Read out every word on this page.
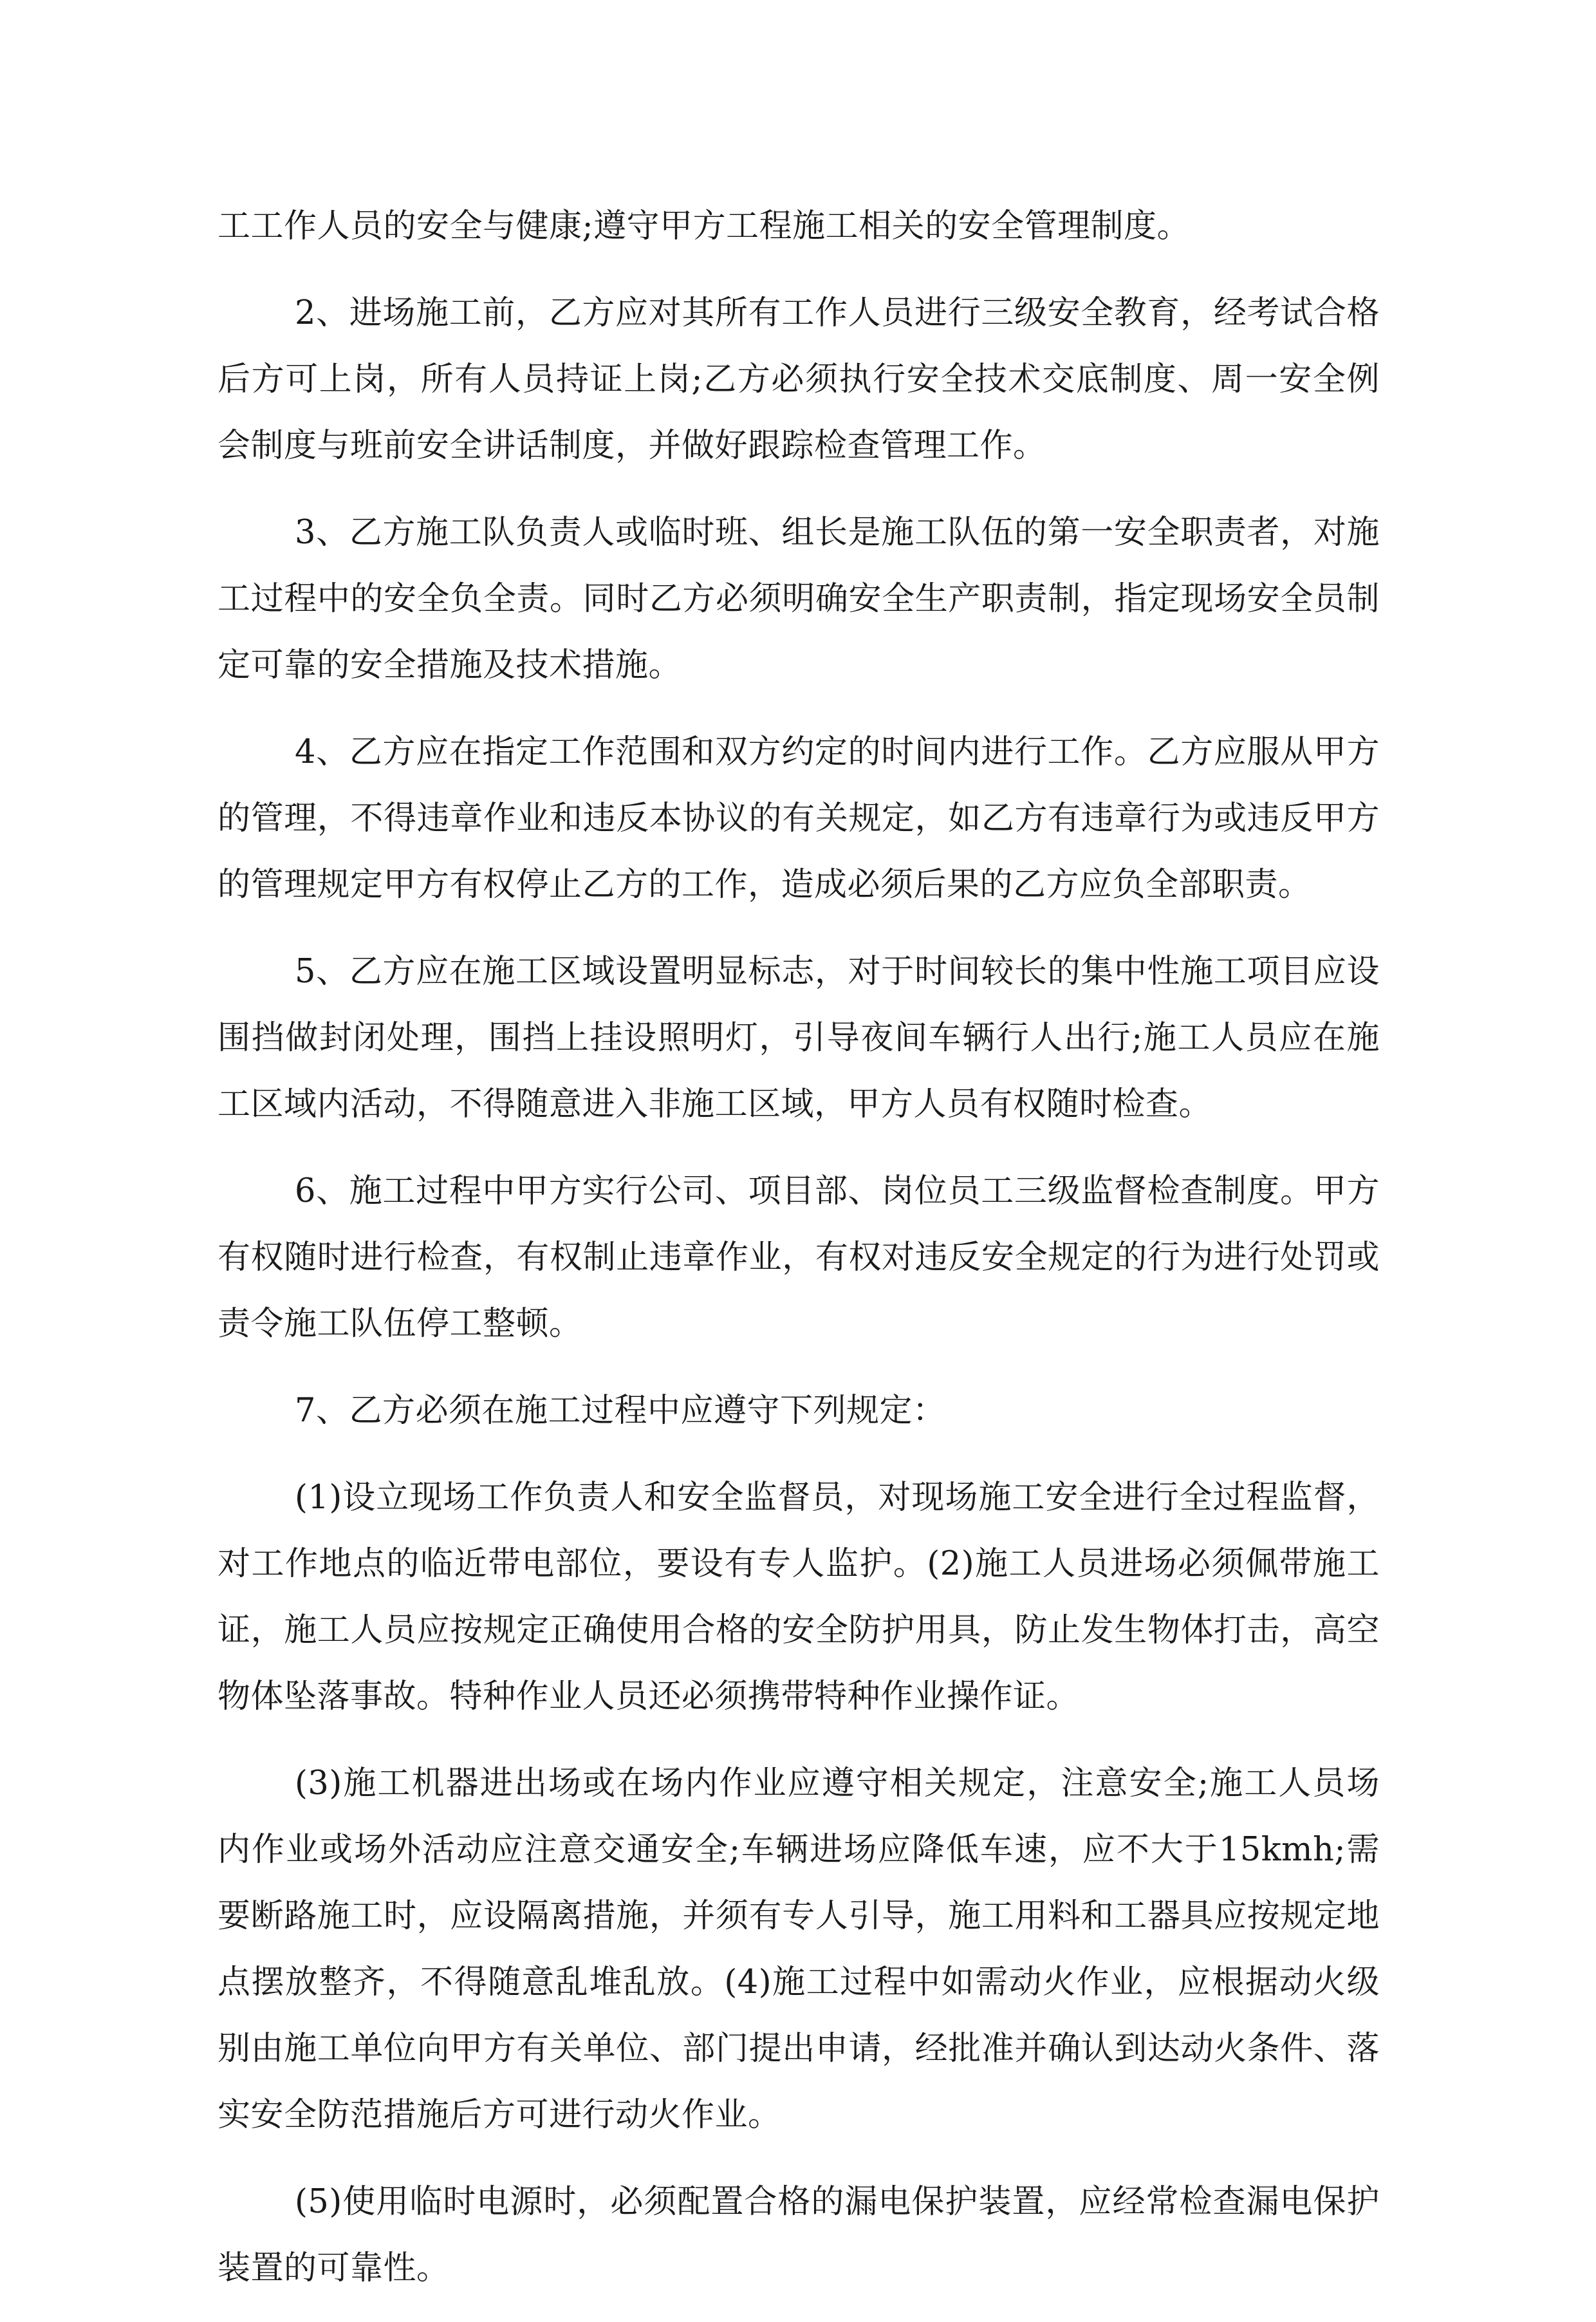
工工作人员的安全与健康;遵守甲方工程施工相关的安全管理制度。

2、进场施工前，乙方应对其所有工作人员进行三级安全教育，经考试合格后方可上岗，所有人员持证上岗;乙方必须执行安全技术交底制度、周一安全例会制度与班前安全讲话制度，并做好跟踪检查管理工作。

3、乙方施工队负责人或临时班、组长是施工队伍的第一安全职责者，对施工过程中的安全负全责。同时乙方必须明确安全生产职责制，指定现场安全员制定可靠的安全措施及技术措施。

4、乙方应在指定工作范围和双方约定的时间内进行工作。乙方应服从甲方的管理，不得违章作业和违反本协议的有关规定，如乙方有违章行为或违反甲方的管理规定甲方有权停止乙方的工作，造成必须后果的乙方应负全部职责。

5、乙方应在施工区域设置明显标志，对于时间较长的集中性施工项目应设围挡做封闭处理，围挡上挂设照明灯，引导夜间车辆行人出行;施工人员应在施工区域内活动，不得随意进入非施工区域，甲方人员有权随时检查。

6、施工过程中甲方实行公司、项目部、岗位员工三级监督检查制度。甲方有权随时进行检查，有权制止违章作业，有权对违反安全规定的行为进行处罚或责令施工队伍停工整顿。

7、乙方必须在施工过程中应遵守下列规定：

(1)设立现场工作负责人和安全监督员，对现场施工安全进行全过程监督，对工作地点的临近带电部位，要设有专人监护。(2)施工人员进场必须佩带施工证，施工人员应按规定正确使用合格的安全防护用具，防止发生物体打击，高空物体坠落事故。特种作业人员还必须携带特种作业操作证。

(3)施工机器进出场或在场内作业应遵守相关规定，注意安全;施工人员场内作业或场外活动应注意交通安全;车辆进场应降低车速，应不大于15kmh;需要断路施工时，应设隔离措施，并须有专人引导，施工用料和工器具应按规定地点摆放整齐，不得随意乱堆乱放。(4)施工过程中如需动火作业，应根据动火级别由施工单位向甲方有关单位、部门提出申请，经批准并确认到达动火条件、落实安全防范措施后方可进行动火作业。

(5)使用临时电源时，必须配置合格的漏电保护装置，应经常检查漏电保护装置的可靠性。
